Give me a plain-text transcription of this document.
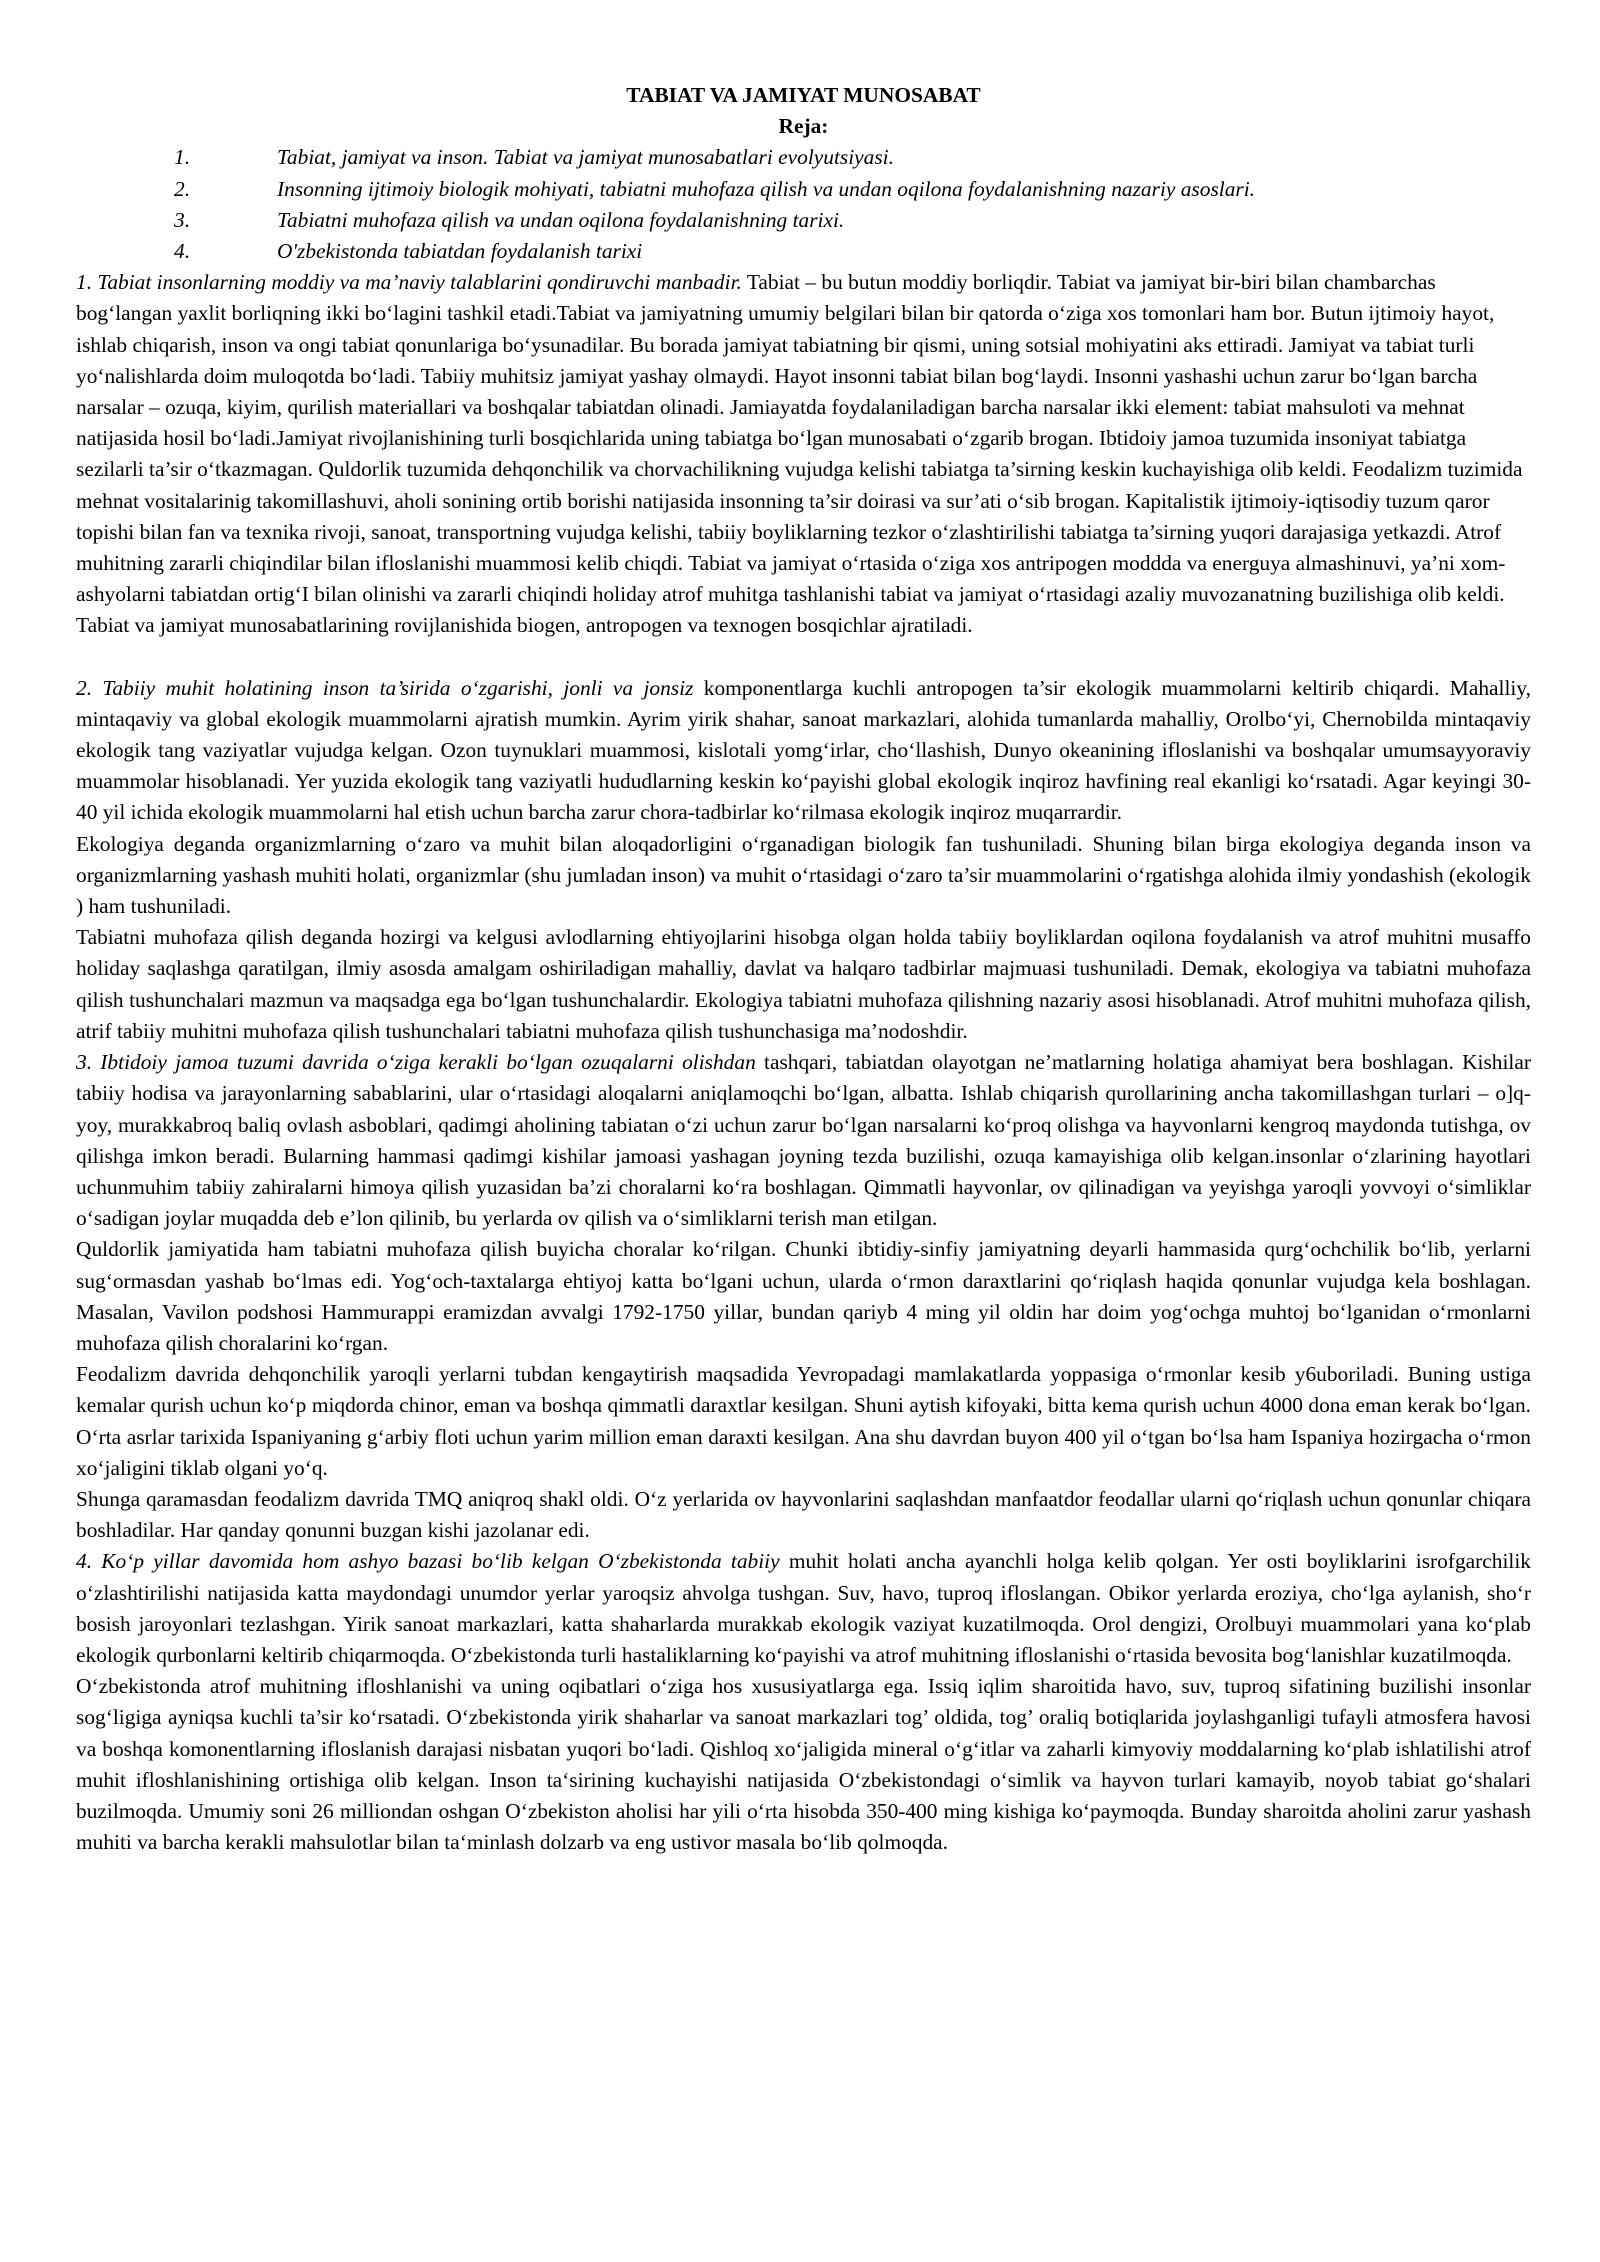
TABIAT VA JAMIYAT MUNOSABAT

Reja:

1.	Tabiat, jamiyat va inson. Tabiat va jamiyat munosabatlari evolyutsiyasi.
2.	Insonning ijtimoiy biologik mohiyati, tabiatni muhofaza qilish va undan oqilona foydalanishning nazariy asoslari.
3.	Tabiatni muhofaza qilish va undan oqilona foydalanishning tarixi.
4.	O'zbekistonda tabiatdan foydalanish tarixi

1. Tabiat insonlarning moddiy va ma’naviy talablarini qondiruvchi manbadir. Tabiat – bu butun moddiy borliqdir. Tabiat va jamiyat bir-biri bilan chambarchas bog‘langan yaxlit borliqning ikki bo‘lagini tashkil etadi.Tabiat va jamiyatning umumiy belgilari bilan bir qatorda o‘ziga xos tomonlari ham bor. Butun ijtimoiy hayot, ishlab chiqarish, inson va ongi tabiat qonunlariga bo‘ysunadilar. Bu borada jamiyat tabiatning bir qismi, uning sotsial mohiyatini aks ettiradi. Jamiyat va tabiat turli yo‘nalishlarda doim muloqotda bo‘ladi. Tabiiy muhitsiz jamiyat yashay olmaydi. Hayot insonni tabiat bilan bog‘laydi. Insonni yashashi uchun zarur bo‘lgan barcha narsalar – ozuqa, kiyim, qurilish materiallari va boshqalar tabiatdan olinadi. Jamiayatda foydalaniladigan barcha narsalar ikki element: tabiat mahsuloti va mehnat natijasida hosil bo‘ladi.Jamiyat rivojlanishining turli bosqichlarida uning tabiatga bo‘lgan munosabati o‘zgarib brogan. Ibtidoiy jamoa tuzumida insoniyat tabiatga sezilarli ta’sir o‘tkazmagan. Quldorlik tuzumida dehqonchilik va chorvachilikning vujudga kelishi tabiatga ta’sirning keskin kuchayishiga olib keldi. Feodalizm tuzimida mehnat vositalarinig takomillashuvi, aholi sonining ortib borishi natijasida insonning ta’sir doirasi va sur’ati o‘sib brogan. Kapitalistik ijtimoiy-iqtisodiy tuzum qaror topishi bilan fan va texnika rivoji, sanoat, transportning vujudga kelishi, tabiiy boyliklarning tezkor o‘zlashtirilishi tabiatga ta’sirning yuqori darajasiga yetkazdi. Atrof muhitning zararli chiqindilar bilan ifloslanishi muammosi kelib chiqdi. Tabiat va jamiyat o‘rtasida o‘ziga xos antripogen moddda va energuya almashinuvi, ya’ni xom-ashyolarni tabiatdan ortig‘I bilan olinishi va zararli chiqindi holiday atrof muhitga tashlanishi tabiat va jamiyat o‘rtasidagi azaliy muvozanatning buzilishiga olib keldi. Tabiat va jamiyat munosabatlarining rovijlanishida biogen, antropogen va texnogen bosqichlar ajratiladi.

2. Tabiiy muhit holatining inson ta’sirida o‘zgarishi, jonli va jonsiz komponentlarga kuchli antropogen ta’sir ekologik muammolarni keltirib chiqardi. Mahalliy, mintaqaviy va global ekologik muammolarni ajratish mumkin. Ayrim yirik shahar, sanoat markazlari, alohida tumanlarda mahalliy, Orolbo‘yi, Chernobilda mintaqaviy ekologik tang vaziyatlar vujudga kelgan. Ozon tuynuklari muammosi, kislotali yomg‘irlar, cho‘llashish, Dunyo okeanining ifloslanishi va boshqalar umumsayyoraviy muammolar hisoblanadi. Yer yuzida ekologik tang vaziyatli hududlarning keskin ko‘payishi global ekologik inqiroz havfining real ekanligi ko‘rsatadi. Agar keyingi 30-40 yil ichida ekologik muammolarni hal etish uchun barcha zarur chora-tadbirlar ko‘rilmasa ekologik inqiroz muqarrardir.

Ekologiya deganda organizmlarning o‘zaro va muhit bilan aloqadorligini o‘rganadigan biologik fan tushuniladi. Shuning bilan birga ekologiya deganda inson va organizmlarning yashash muhiti holati, organizmlar (shu jumladan inson) va muhit o‘rtasidagi o‘zaro ta’sir muammolarini o‘rgatishga alohida ilmiy yondashish (ekologik ) ham tushuniladi.

Tabiatni muhofaza qilish deganda hozirgi va kelgusi avlodlarning ehtiyojlarini hisobga olgan holda tabiiy boyliklardan oqilona foydalanish va atrof muhitni musaffo holiday saqlashga qaratilgan, ilmiy asosda amalgam oshiriladigan mahalliy, davlat va halqaro tadbirlar majmuasi tushuniladi. Demak, ekologiya va tabiatni muhofaza qilish tushunchalari mazmun va maqsadga ega bo‘lgan tushunchalardir. Ekologiya tabiatni muhofaza qilishning nazariy asosi hisoblanadi. Atrof muhitni muhofaza qilish, atrif tabiiy muhitni muhofaza qilish tushunchalari tabiatni muhofaza qilish tushunchasiga ma’nodoshdir.

3. Ibtidoiy jamoa tuzumi davrida o‘ziga kerakli bo‘lgan ozuqalarni olishdan tashqari, tabiatdan olayotgan ne’matlarning holatiga ahamiyat bera boshlagan. Kishilar tabiiy hodisa va jarayonlarning sabablarini, ular o‘rtasidagi aloqalarni aniqlamoqchi bo‘lgan, albatta. Ishlab chiqarish qurollarining ancha takomillashgan turlari – o]q-yoy, murakkabroq baliq ovlash asboblari, qadimgi aholining tabiatan o‘zi uchun zarur bo‘lgan narsalarni ko‘proq olishga va hayvonlarni kengroq maydonda tutishga, ov qilishga imkon beradi. Bularning hammasi qadimgi kishilar jamoasi yashagan joyning tezda buzilishi, ozuqa kamayishiga olib kelgan.insonlar o‘zlarining hayotlari uchunmuhim tabiiy zahiralarni himoya qilish yuzasidan ba’zi choralarni ko‘ra boshlagan. Qimmatli hayvonlar, ov qilinadigan va yeyishga yaroqli yovvoyi o‘simliklar o‘sadigan joylar muqadda deb e’lon qilinib, bu yerlarda ov qilish va o‘simliklarni terish man etilgan.

Quldorlik jamiyatida ham tabiatni muhofaza qilish buyicha choralar ko‘rilgan. Chunki ibtidiy-sinfiy jamiyatning deyarli hammasida qurg‘ochchilik bo‘lib, yerlarni sug‘ormasdan yashab bo‘lmas edi. Yog‘och-taxtalarga ehtiyoj katta bo‘lgani uchun, ularda o‘rmon daraxtlarini qo‘riqlash haqida qonunlar vujudga kela boshlagan. Masalan, Vavilon podshosi Hammurappi eramizdan avvalgi 1792-1750 yillar, bundan qariyb 4 ming yil oldin har doim yog‘ochga muhtoj bo‘lganidan o‘rmonlarni muhofaza qilish choralarini ko‘rgan.

Feodalizm davrida dehqonchilik yaroqli yerlarni tubdan kengaytirish maqsadida Yevropadagi mamlakatlarda yoppasiga o‘rmonlar kesib y6uboriladi. Buning ustiga kemalar qurish uchun ko‘p miqdorda chinor, eman va boshqa qimmatli daraxtlar kesilgan. Shuni aytish kifoyaki, bitta kema qurish uchun 4000 dona eman kerak bo‘lgan. O‘rta asrlar tarixida Ispaniyaning g‘arbiy floti uchun yarim million eman daraxti kesilgan. Ana shu davrdan buyon 400 yil o‘tgan bo‘lsa ham Ispaniya hozirgacha o‘rmon xo‘jaligini tiklab olgani yo‘q.

Shunga qaramasdan feodalizm davrida TMQ aniqroq shakl oldi. O‘z yerlarida ov hayvonlarini saqlashdan manfaatdor feodallar ularni qo‘riqlash uchun qonunlar chiqara boshladilar. Har qanday qonunni buzgan kishi jazolanar edi.

4. Ko‘p yillar davomida hom ashyo bazasi bo‘lib kelgan O‘zbekistonda tabiiy muhit holati ancha ayanchli holga kelib qolgan. Yer osti boyliklarini isrofgarchilik o‘zlashtirilishi natijasida katta maydondagi unumdor yerlar yaroqsiz ahvolga tushgan. Suv, havo, tuproq ifloslangan. Obikor yerlarda eroziya, cho‘lga aylanish, sho‘r bosish jaroyonlari tezlashgan. Yirik sanoat markazlari, katta shaharlarda murakkab ekologik vaziyat kuzatilmoqda. Orol dengizi, Orolbuyi muammolari yana ko‘plab ekologik qurbonlarni keltirib chiqarmoqda. O‘zbekistonda turli hastaliklarning ko‘payishi va atrof muhitning ifloslanishi o‘rtasida bevosita bog‘lanishlar kuzatilmoqda.

O‘zbekistonda atrof muhitning ifloshlanishi va uning oqibatlari o‘ziga hos xususiyatlarga ega. Issiq iqlim sharoitida havo, suv, tuproq sifatining buzilishi insonlar sog‘ligiga ayniqsa kuchli ta’sir ko‘rsatadi. O‘zbekistonda yirik shaharlar va sanoat markazlari tog’ oldida, tog’ oraliq botiqlarida joylashganligi tufayli atmosfera havosi va boshqa komonentlarning ifloslanish darajasi nisbatan yuqori bo‘ladi. Qishloq xo‘jaligida mineral o‘g‘itlar va zaharli kimyoviy moddalarning ko‘plab ishlatilishi atrof muhit ifloshlanishining ortishiga olib kelgan. Inson ta‘sirining kuchayishi natijasida O‘zbekistondagi o‘simlik va hayvon turlari kamayib, noyob tabiat go‘shalari buzilmoqda. Umumiy soni 26 milliondan oshgan O‘zbekiston aholisi har yili o‘rta hisobda 350-400 ming kishiga ko‘paymoqda. Bunday sharoitda aholini zarur yashash muhiti va barcha kerakli mahsulotlar bilan ta‘minlash dolzarb va eng ustivor masala bo‘lib qolmoqda.
